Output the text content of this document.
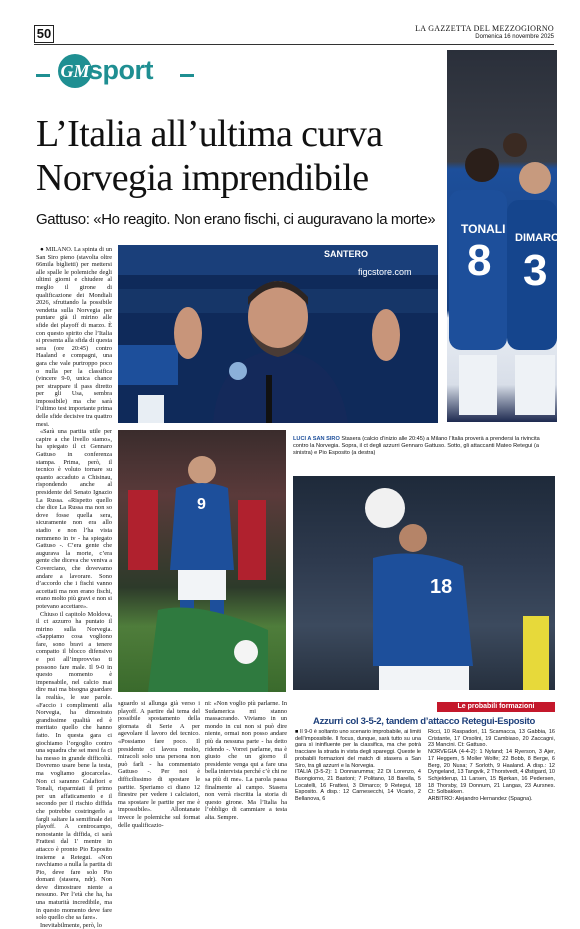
50	LA GAZZETTA DEL MEZZOGIORNO
Domenica 16 novembre 2025
GM
sport
L’Italia all’ultima curva
Norvegia imprendibile
Gattuso: «Ho reagito. Non erano fischi, ci auguravano la morte»
TONALI
8 DIMARCO
3
SANTERO
figcstore.com

● MILANO. La spinta di un San Siro pieno (stavolta oltre 66mila biglietti) per mettersi alle spalle le polemiche degli ultimi giorni e chiudere al meglio il girone di qualificazione dei Mondiali 2026, sfruttando la possibile vendetta sulla Norvegia per puntare già il mirino alle sfide dei playoff di marzo. È con questo spirito che l’Italia si presenta alla sfida di questa sera (ore 20:45) contro Haaland e compagni, una gara che vale purtroppo poco o nulla per la classifica (vincere 9-0, unica chance per strappare il pass diretto per gli Usa, sembra impossibile) ma che sarà l’ultimo test importante prima delle sfide decisive tra quattro mesi.

«Sarà una partita utile per capire a che livello siamo», ha spiegato il ct Gennaro Gattuso in conferenza stampa. Prima, però, il tecnico è voluto tornare su quanto accaduto a Chisinau, rispondendo anche al presidente del Senato Ignazio La Russa. «Rispetto quello che dice La Russa ma non so dove fosse quella sera, sicuramente non era allo stadio e non l’ha vista nemmeno in tv - ha spiegato Gattuso -. C’era gente che augurava la morte, c’era gente che diceva che veniva a Coverciano, che dovevamo andare a lavorare. Sono d’accordo che i fischi vanno accettati ma non erano fischi, erano molto più gravi e non si potevano accettare».

Chiuso il capitolo Moldova, il ct azzurro ha puntato il mirino sulla Norvegia. «Sappiamo cosa vogliono fare, sono bravi a tenere compatto il blocco difensivo e poi all’improvviso ti possono fare male. Il 9-0 in questo momento è impensabile, nel calcio mai dire mai ma bisogna guardare la realtà», le sue parole. «Faccio i complimenti alla Norvegia, ha dimostrato grandissime qualità ed è meritato quello che hanno fatto. In questa gara ci giochiamo l’orgoglio contro una squadra che sei mesi fa ci ha messo in grande difficoltà. Dovremo usare bene la testa, ma vogliamo giocarcela». Non ci saranno Calafiori e Tonali, risparmiati il primo per un affaticamento e il secondo per il rischio diffida che potrebbe costringerlo a fargli saltare la semifinale dei playoff. A centrocampo, nonostante la diffida, ci sarà Frattesi dal 1' mentre in attacco è pronto Pio Esposito insieme a Retegui. «Non ravchiamo a nulla la partita di Pio, deve fare solo Pio domani (stasera, ndr). Non deve dimostrare niente a nessuno. Per l’età che ha, ha una maturità incredibile, ma in questo momento deve fare solo quello che sa fare».

Inevitabilmente, però, lo

9
LUCI A SAN SIRO Stasera (calcio d’inizio alle 20:45) a Milano l’Italia proverà a prendersi la rivincita contro la Norvegia. Sopra, il ct degli azzurri Gennaro Gattuso. Sotto, gli attaccanti Mateo Retegui (a sinistra) e Pio Esposito (a destra)
18

sguardo si allunga già verso i playoff. A partire dal tema del possibile spostamento della giornata di Serie A per agevolare il lavoro del tecnico. «Possiamo fare poco. Il presidente ci lavora molto, miracoli solo una persona non può farli - ha commentato Gattuso -. Per noi è difficilissimo di spostare le partite. Speriamo ci diano 12 finestre per vedere i calciatori, ma spostare le partite per me è impossibile». Allontanate invece le polemiche sul format delle qualificazio-

ni: «Non voglio più parlarne. In Sudamerica mi stanno massacrando. Viviamo in un mondo in cui non si può dire niente, ormai non posso andare più da nessuna parte - ha detto ridendo -. Vorrei parlarne, ma è giusto che un giorno il presidente venga qui a fare una bella intervista perché c’è chi ne sa più di me». La parola passa finalmente al campo. Stasera non verrà riscritta la storia di questo girone. Ma l’Italia ha l’obbligo di cammiare a testa alta. Sempre.

Le probabili formazioni
Azzurri col 3-5-2, tandem d’attacco Retegui-Esposito

■ Il 9-0 è soltanto uno scenario improbabile, ai limiti dell’impossibile. Il focus, dunque, sarà tutto su una gara sì ininfluente per la classifica, ma che potrà tracciare la strada in vista degli spareggi. Queste le probabili formazioni del match di stasera a San Siro, tra gli azzurri e la Norvegia.
ITALIA (3-5-2): 1 Donnarumma; 22 Di Lorenzo, 4 Buongiorno, 21 Bastoni; 7 Politano, 18 Barella, 5 Locatelli, 16 Frattesi, 3 Dimarco; 9 Retegui, 18 Esposito. A disp.: 12 Carnesecchi, 14 Vicario, 2 Bellanova, 6

Ricci, 10 Raspadori, 11 Scamacca, 13 Gabbia, 16 Cristante, 17 Orsolini, 19 Cambiaso, 20 Zaccagni, 23 Mancini. Ct: Gattuso.
NORVEGIA (4-4-2): 1 Nyland; 14 Ryerson, 3 Ajer, 17 Heggem, 5 Moller Wolfe; 22 Bobb, 8 Berge, 6 Berg, 20 Nusa; 7 Sorloth, 9 Haaland. A disp.: 12 Dyngeland, 13 Tangvik, 2 Thorstvedt, 4 Østigard, 10 Schjelderup, 11 Larsen, 15 Bjørkan, 16 Pedersen, 18 Thorsby, 19 Donnum, 21 Langas, 23 Aursnes. Ct: Solbakken.
ARBITRO: Alejandro Hernandez (Spagna).
